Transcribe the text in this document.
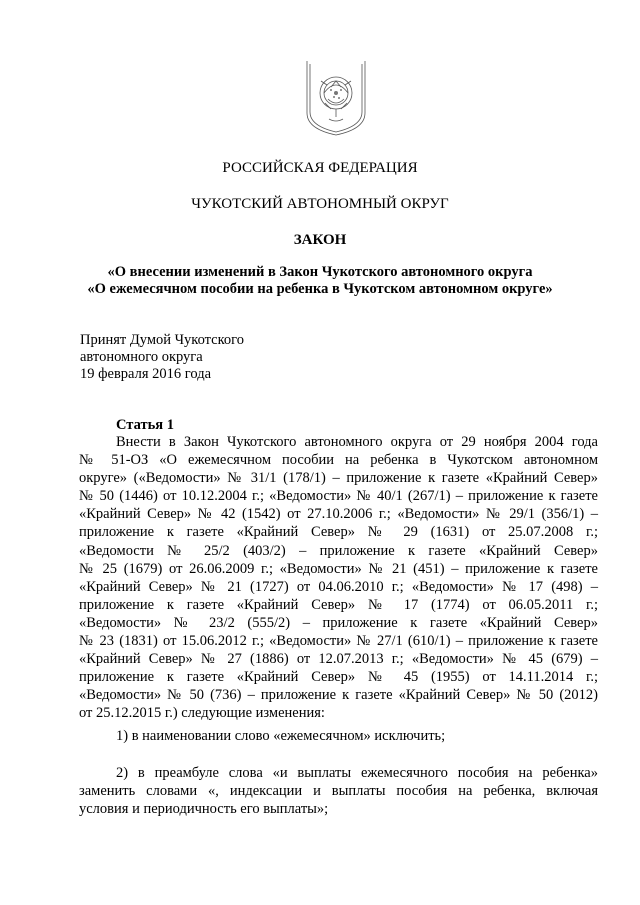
РОССИЙСКАЯ ФЕДЕРАЦИЯ
ЧУКОТСКИЙ АВТОНОМНЫЙ ОКРУГ
ЗАКОН
«О внесении изменений в Закон Чукотского автономного округа
«О ежемесячном пособии на ребенка в Чукотском автономном округе»
Принят Думой Чукотского
автономного округа
19 февраля 2016 года
Статья 1
Внести в Закон Чукотского автономного округа от 29 ноября 2004 года
№ 51-ОЗ «О ежемесячном пособии на ребенка в Чукотском автономном
округе» («Ведомости» № 31/1 (178/1) – приложение к газете «Крайний Север»
№ 50 (1446) от 10.12.2004 г.; «Ведомости» № 40/1 (267/1) – приложение к газете
«Крайний Север» № 42 (1542) от 27.10.2006 г.; «Ведомости» № 29/1 (356/1) –
приложение к газете «Крайний Север» № 29 (1631) от 25.07.2008 г.;
«Ведомости № 25/2 (403/2) – приложение к газете «Крайний Север»
№ 25 (1679) от 26.06.2009 г.; «Ведомости» № 21 (451) – приложение к газете
«Крайний Север» № 21 (1727) от 04.06.2010 г.; «Ведомости» № 17 (498) –
приложение к газете «Крайний Север» № 17 (1774) от 06.05.2011 г.;
«Ведомости» № 23/2 (555/2) – приложение к газете «Крайний Север»
№ 23 (1831) от 15.06.2012 г.; «Ведомости» № 27/1 (610/1) – приложение к газете
«Крайний Север» № 27 (1886) от 12.07.2013 г.; «Ведомости» № 45 (679) –
приложение к газете «Крайний Север» № 45 (1955) от 14.11.2014 г.;
«Ведомости» № 50 (736) – приложение к газете «Крайний Север» № 50 (2012)
от 25.12.2015 г.) следующие изменения:
1) в наименовании слово «ежемесячном» исключить;
2) в преамбуле слова «и выплаты ежемесячного пособия на ребенка»
заменить словами «, индексации и выплаты пособия на ребенка, включая
условия и периодичность его выплаты»;
